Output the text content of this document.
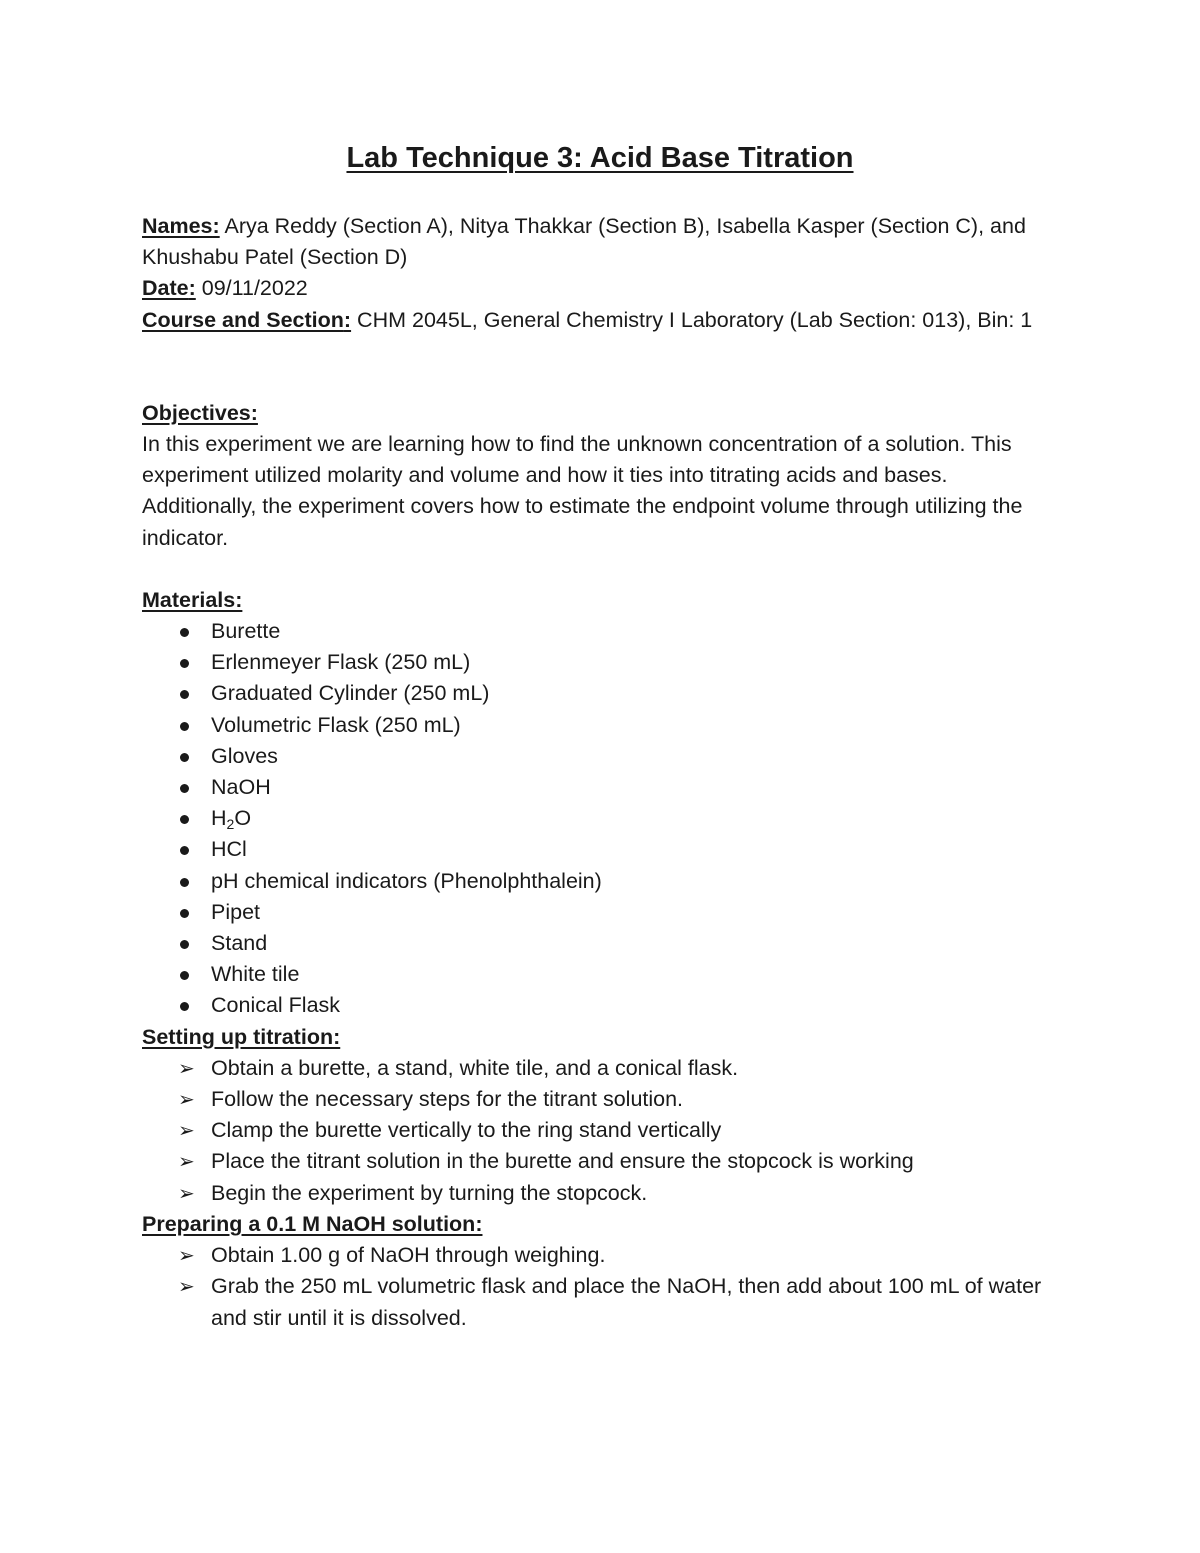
Lab Technique 3: Acid Base Titration

Names: Arya Reddy (Section A), Nitya Thakkar (Section B), Isabella Kasper (Section C), and Khushabu Patel (Section D)

Date: 09/11/2022

Course and Section: CHM 2045L, General Chemistry I Laboratory (Lab Section: 013), Bin: 1

Objectives:

In this experiment we are learning how to find the unknown concentration of a solution. This experiment utilized molarity and volume and how it ties into titrating acids and bases. Additionally, the experiment covers how to estimate the endpoint volume through utilizing the indicator.

Materials:

Burette
Erlenmeyer Flask (250 mL)
Graduated Cylinder (250 mL)
Volumetric Flask (250 mL)
Gloves
NaOH
$H_2O$
HCl
pH chemical indicators (Phenolphthalein)
Pipet
Stand
White tile
Conical Flask

Setting up titration:

➢ Obtain a burette, a stand, white tile, and a conical flask.
➢ Follow the necessary steps for the titrant solution.
➢ Clamp the burette vertically to the ring stand vertically
➢ Place the titrant solution in the burette and ensure the stopcock is working
➢ Begin the experiment by turning the stopcock.

Preparing a 0.1 M NaOH solution:

➢ Obtain 1.00 g of NaOH through weighing.
➢ Grab the 250 mL volumetric flask and place the NaOH, then add about 100 mL of water and stir until it is dissolved.
